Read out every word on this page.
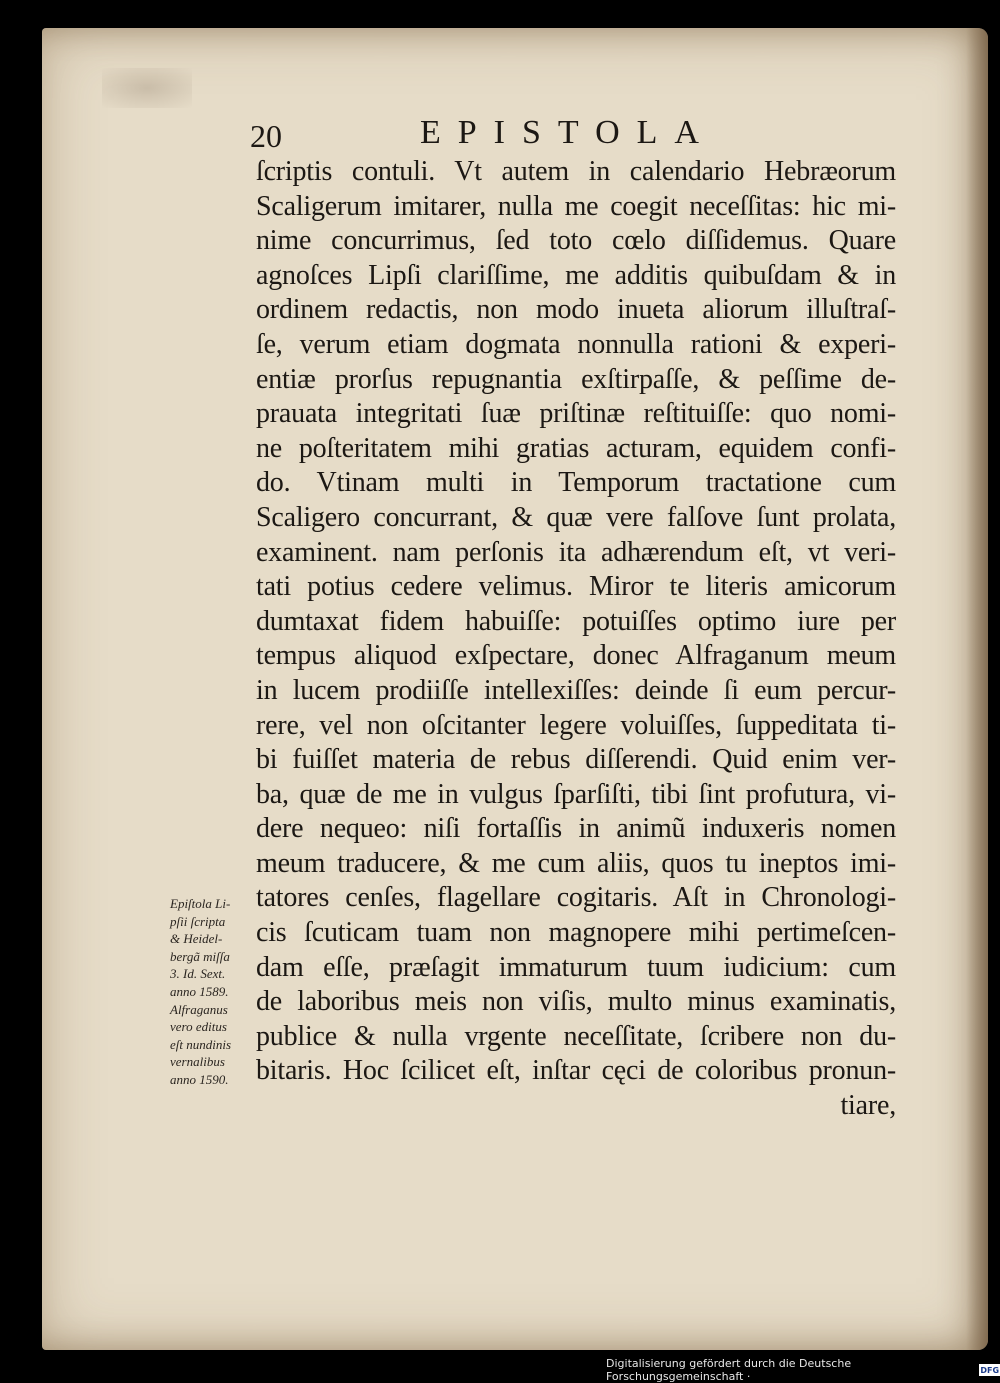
20	EPISTOLA
ſcriptis contuli. Vt autem in calendario Hebræorum
Scaligerum imitarer, nulla me coegit neceſſitas: hic mi-
nime concurrimus, ſed toto cœlo diſſidemus. Quare
agnoſces Lipſi clariſſime, me additis quibuſdam & in
ordinem redactis, non modo inueta aliorum illuſtraſ-
ſe, verum etiam dogmata nonnulla rationi & experi-
entiæ prorſus repugnantia exſtirpaſſe, & peſſime de-
prauata integritati ſuæ priſtinæ reſtituiſſe: quo nomi-
ne poſteritatem mihi gratias acturam, equidem confi-
do. Vtinam multi in Temporum tractatione cum
Scaligero concurrant, & quæ vere falſove ſunt prolata,
examinent. nam perſonis ita adhærendum eſt, vt veri-
tati potius cedere velimus. Miror te literis amicorum
dumtaxat fidem habuiſſe: potuiſſes optimo iure per
tempus aliquod exſpectare, donec Alfraganum meum
in lucem prodiiſſe intellexiſſes: deinde ſi eum percur-
rere, vel non oſcitanter legere voluiſſes, ſuppeditata ti-
bi fuiſſet materia de rebus diſſerendi. Quid enim ver-
ba, quæ de me in vulgus ſparſiſti, tibi ſint profutura, vi-
dere nequeo: niſi fortaſſis in animũ induxeris nomen
meum traducere, & me cum aliis, quos tu ineptos imi-
tatores cenſes, flagellare cogitaris. Aſt in Chronologi-
cis ſcuticam tuam non magnopere mihi pertimeſcen-
dam eſſe, præſagit immaturum tuum iudicium: cum
de laboribus meis non viſis, multo minus examinatis,
publice & nulla vrgente neceſſitate, ſcribere non du-
bitaris. Hoc ſcilicet eſt, inſtar cęci de coloribus pronun-
tiare,
Epiſtola Li-
pſii ſcripta
& Heidel-
bergã miſſa
3. Id. Sext.
anno 1589.
Alfraganus
vero editus
eſt nundinis
vernalibus
anno 1590.
Digitalisierung gefördert durch die Deutsche Forschungsgemeinschaft ·	DFG
